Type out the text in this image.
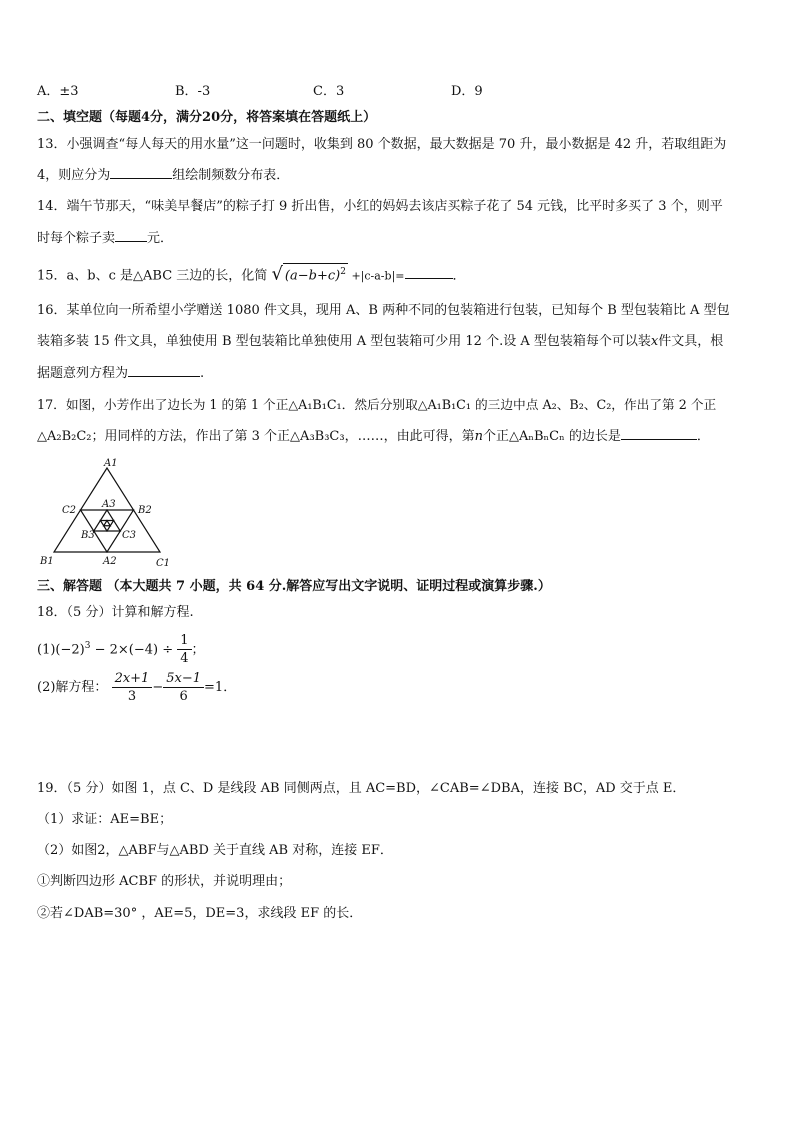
A．±3	B．-3	C．3	D．9
二、填空题（每题4分，满分20分，将答案填在答题纸上）
13．小强调查“每人每天的用水量”这一问题时，收集到 80 个数据，最大数据是 70 升，最小数据是 42 升，若取组距为
4，则应分为	组绘制频数分布表．
14．端午节那天，“味美早餐店”的粽子打 9 折出售，小红的妈妈去该店买粽子花了 54 元钱，比平时多买了 3 个，则平
时每个粽子卖 元．
15．a、b、c 是△ABC 三边的长，化简 √ $(a-b+c)^2 +|c-a-b|=$	．
16．某单位向一所希望小学赠送 1080 件文具，现用 A、B 两种不同的包装箱进行包装，已知每个 B 型包装箱比 A 型包
装箱多装 15 件文具，单独使用 B 型包装箱比单独使用 A 型包装箱可少用 12 个.设 A 型包装箱每个可以装x件文具，根
据题意列方程为	.
17．如图，小芳作出了边长为 1 的第 1 个正△A₁B₁C₁．然后分别取△A₁B₁C₁ 的三边中点 A₂、B₂、C₂，作出了第 2 个正
△A₂B₂C₂；用同样的方法，作出了第 3 个正△A₃B₃C₃，……，由此可得，第n个正△AₙBₙCₙ 的边长是	．
A1
C2	B2
A3
B3	C3
B1	A2	C1
三、解答题 （本大题共 7 小题，共 64 分.解答应写出文字说明、证明过程或演算步骤.）
18．（5 分）计算和解方程.
$(1)(-2)^3 - 2\times(-4) \div \frac{1}{4}$ ；
(2)解方程： $\frac{2x+1}{3} - \frac{5x-1}{6} =1$．
19．（5 分）如图 1，点 C、D 是线段 AB 同侧两点，且 AC=BD，∠CAB=∠DBA，连接 BC，AD 交于点 E．
（1）求证：AE=BE；
（2）如图2，△ABF与△ABD 关于直线 AB 对称，连接 EF．
①判断四边形 ACBF 的形状，并说明理由；
②若∠DAB=30° ，AE=5，DE=3，求线段 EF 的长．
